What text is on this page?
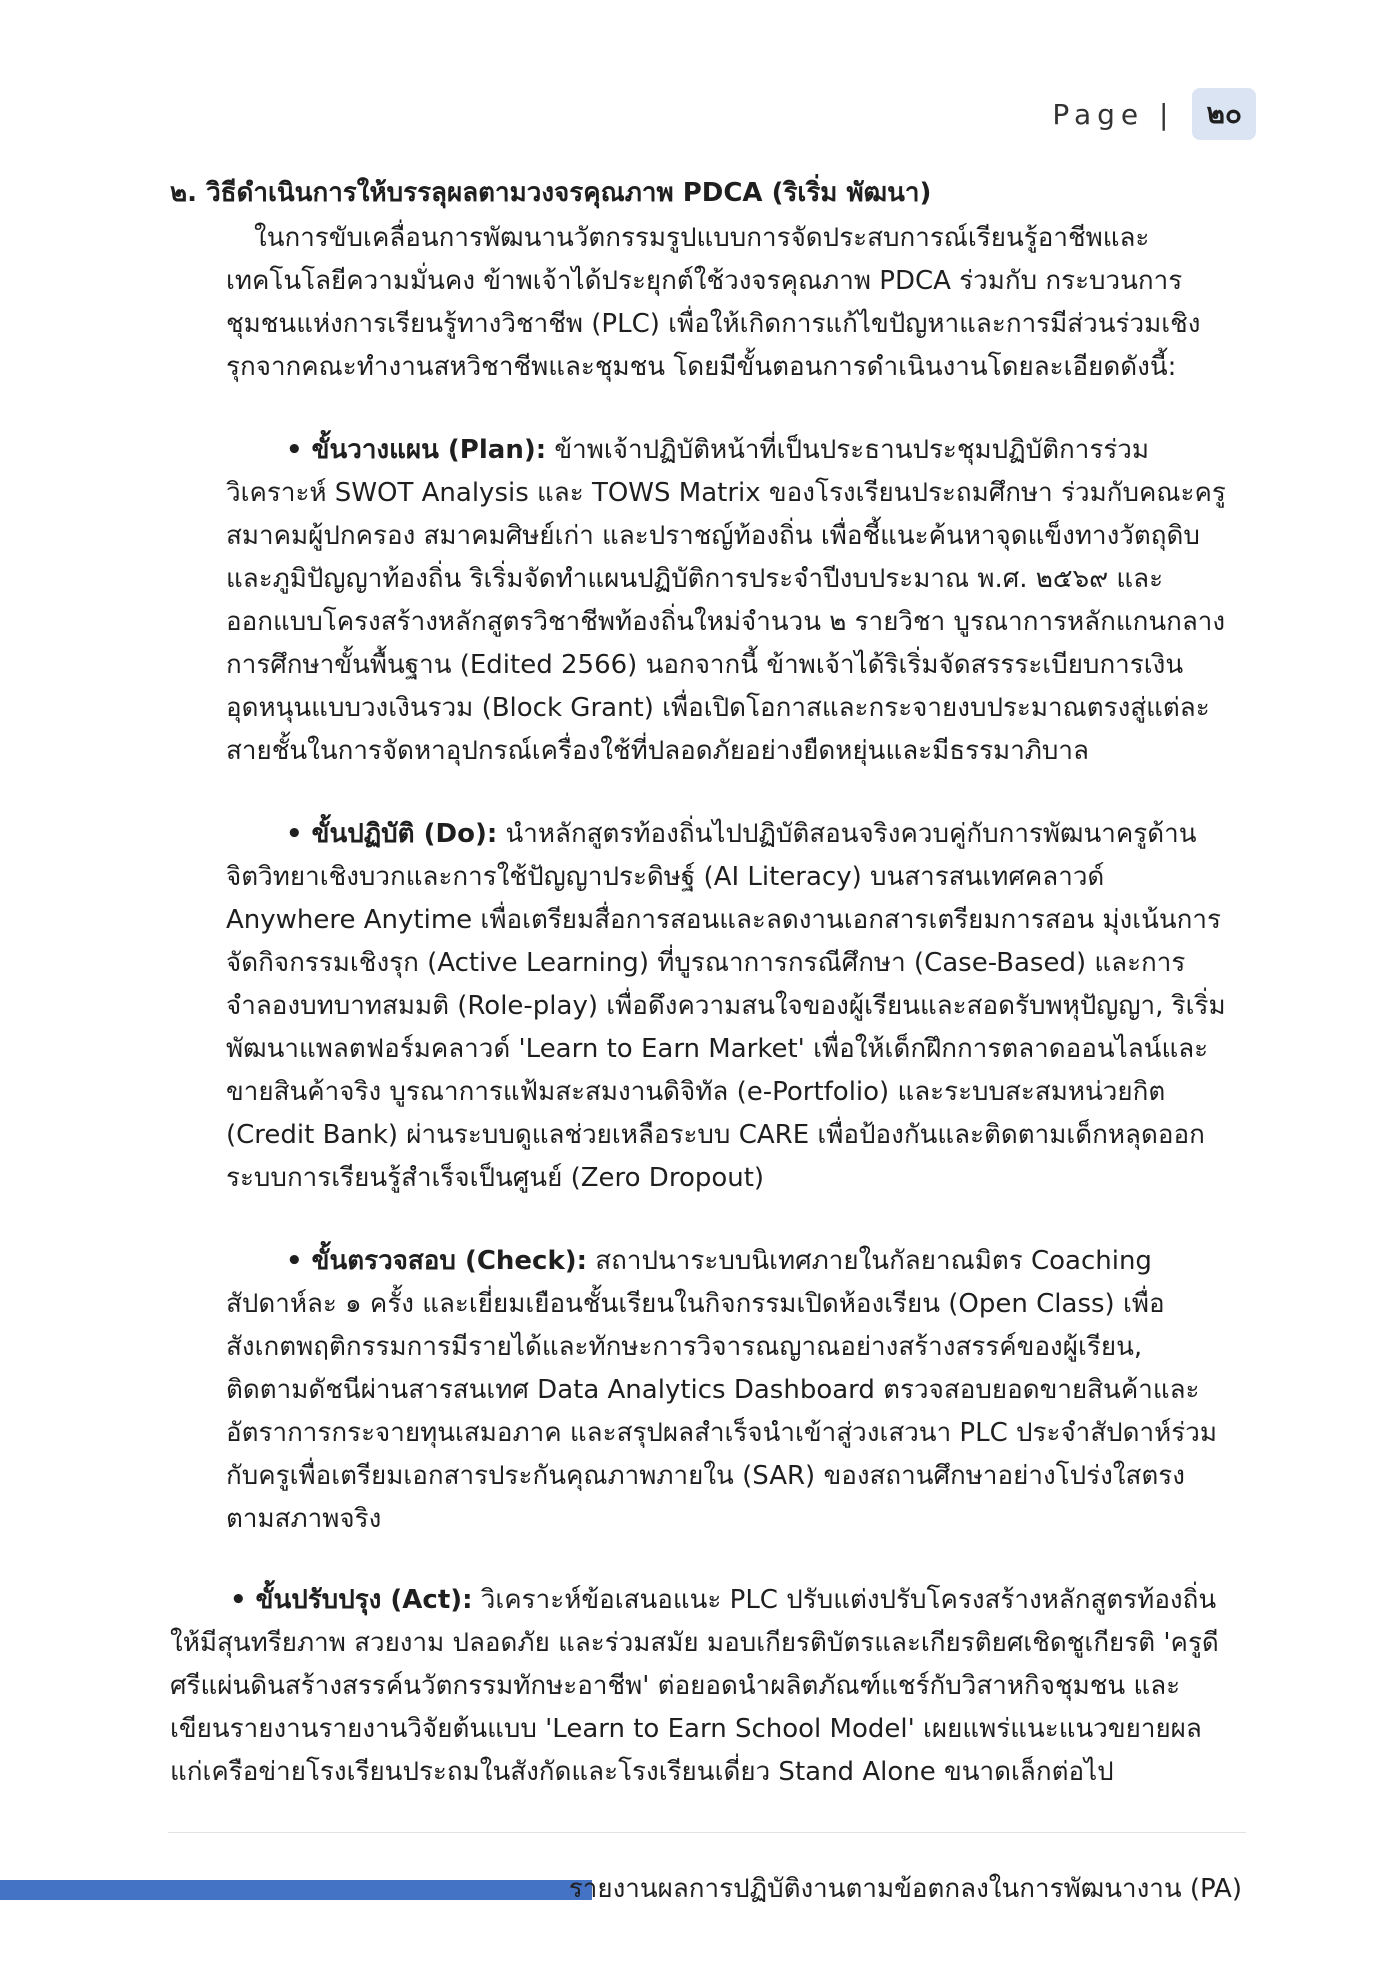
Page |	๒๐

๒. วิธีดำเนินการให้บรรลุผลตามวงจรคุณภาพ PDCA (ริเริ่ม พัฒนา)

ในการขับเคลื่อนการพัฒนานวัตกรรมรูปแบบการจัดประสบการณ์เรียนรู้อาชีพและเทคโนโลยีความมั่นคง ข้าพเจ้าได้ประยุกต์ใช้วงจรคุณภาพ PDCA ร่วมกับ กระบวนการชุมชนแห่งการเรียนรู้ทางวิชาชีพ (PLC) เพื่อให้เกิดการแก้ไขปัญหาและการมีส่วนร่วมเชิงรุกจากคณะทำงานสหวิชาชีพและชุมชน โดยมีขั้นตอนการดำเนินงานโดยละเอียดดังนี้:

• ขั้นวางแผน (Plan): ข้าพเจ้าปฏิบัติหน้าที่เป็นประธานประชุมปฏิบัติการร่วมวิเคราะห์ SWOT Analysis และ TOWS Matrix ของโรงเรียนประถมศึกษา ร่วมกับคณะครู สมาคมผู้ปกครอง สมาคมศิษย์เก่า และปราชญ์ท้องถิ่น เพื่อชี้แนะค้นหาจุดแข็งทางวัตถุดิบและภูมิปัญญาท้องถิ่น ริเริ่มจัดทำแผนปฏิบัติการประจำปีงบประมาณ พ.ศ. ๒๕๖๙ และออกแบบโครงสร้างหลักสูตรวิชาชีพท้องถิ่นใหม่จำนวน ๒ รายวิชา บูรณาการหลักแกนกลางการศึกษาขั้นพื้นฐาน (Edited 2566) นอกจากนี้ ข้าพเจ้าได้ริเริ่มจัดสรรระเบียบการเงินอุดหนุนแบบวงเงินรวม (Block Grant) เพื่อเปิดโอกาสและกระจายงบประมาณตรงสู่แต่ละสายชั้นในการจัดหาอุปกรณ์เครื่องใช้ที่ปลอดภัยอย่างยืดหยุ่นและมีธรรมาภิบาล

• ขั้นปฏิบัติ (Do): นำหลักสูตรท้องถิ่นไปปฏิบัติสอนจริงควบคู่กับการพัฒนาครูด้านจิตวิทยาเชิงบวกและการใช้ปัญญาประดิษฐ์ (AI Literacy) บนสารสนเทศคลาวด์ Anywhere Anytime เพื่อเตรียมสื่อการสอนและลดงานเอกสารเตรียมการสอน มุ่งเน้นการจัดกิจกรรมเชิงรุก (Active Learning) ที่บูรณาการกรณีศึกษา (Case-Based) และการจำลองบทบาทสมมติ (Role-play) เพื่อดึงความสนใจของผู้เรียนและสอดรับพหุปัญญา, ริเริ่มพัฒนาแพลตฟอร์มคลาวด์ 'Learn to Earn Market' เพื่อให้เด็กฝึกการตลาดออนไลน์และขายสินค้าจริง บูรณาการแฟ้มสะสมงานดิจิทัล (e-Portfolio) และระบบสะสมหน่วยกิต (Credit Bank) ผ่านระบบดูแลช่วยเหลือระบบ CARE เพื่อป้องกันและติดตามเด็กหลุดออกระบบการเรียนรู้สำเร็จเป็นศูนย์ (Zero Dropout)

• ขั้นตรวจสอบ (Check): สถาปนาระบบนิเทศภายในกัลยาณมิตร Coaching สัปดาห์ละ ๑ ครั้ง และเยี่ยมเยือนชั้นเรียนในกิจกรรมเปิดห้องเรียน (Open Class) เพื่อสังเกตพฤติกรรมการมีรายได้และทักษะการวิจารณญาณอย่างสร้างสรรค์ของผู้เรียน, ติดตามดัชนีผ่านสารสนเทศ Data Analytics Dashboard ตรวจสอบยอดขายสินค้าและอัตราการกระจายทุนเสมอภาค และสรุปผลสำเร็จนำเข้าสู่วงเสวนา PLC ประจำสัปดาห์ร่วมกับครูเพื่อเตรียมเอกสารประกันคุณภาพภายใน (SAR) ของสถานศึกษาอย่างโปร่งใสตรงตามสภาพจริง

• ขั้นปรับปรุง (Act): วิเคราะห์ข้อเสนอแนะ PLC ปรับแต่งปรับโครงสร้างหลักสูตรท้องถิ่นให้มีสุนทรียภาพ สวยงาม ปลอดภัย และร่วมสมัย มอบเกียรติบัตรและเกียรติยศเชิดชูเกียรติ 'ครูดีศรีแผ่นดินสร้างสรรค์นวัตกรรมทักษะอาชีพ' ต่อยอดนำผลิตภัณฑ์แชร์กับวิสาหกิจชุมชน และเขียนรายงานรายงานวิจัยต้นแบบ 'Learn to Earn School Model' เผยแพร่แนะแนวขยายผลแก่เครือข่ายโรงเรียนประถมในสังกัดและโรงเรียนเดี่ยว Stand Alone ขนาดเล็กต่อไป

รายงานผลการปฏิบัติงานตามข้อตกลงในการพัฒนางาน (PA)
